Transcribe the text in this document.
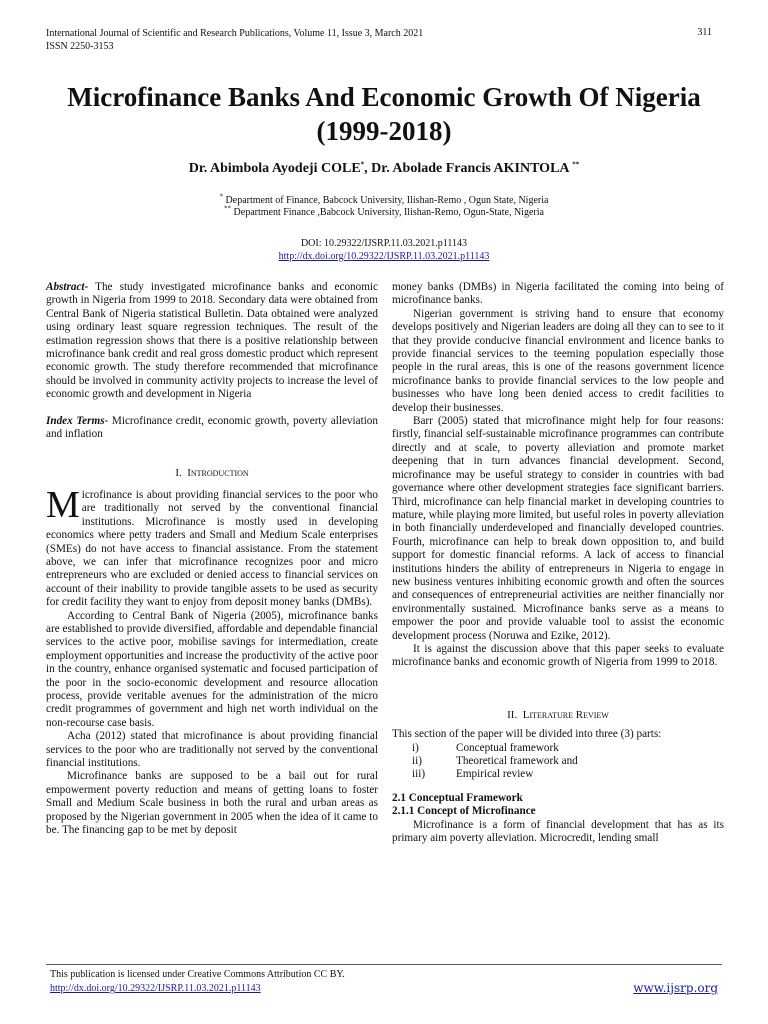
International Journal of Scientific and Research Publications, Volume 11, Issue 3, March 2021
ISSN 2250-3153
311
Microfinance Banks And Economic Growth Of Nigeria
(1999-2018)
Dr. Abimbola Ayodeji COLE*, Dr. Abolade Francis AKINTOLA **
* Department of Finance, Babcock University, Ilishan-Remo , Ogun State, Nigeria
** Department Finance ,Babcock University, Ilishan-Remo, Ogun-State, Nigeria
DOI: 10.29322/IJSRP.11.03.2021.p11143
http://dx.doi.org/10.29322/IJSRP.11.03.2021.p11143

Abstract- The study investigated microfinance banks and economic growth in Nigeria from 1999 to 2018. Secondary data were obtained from Central Bank of Nigeria statistical Bulletin. Data obtained were analyzed using ordinary least square regression techniques. The result of the estimation regression shows that there is a positive relationship between microfinance bank credit and real gross domestic product which represent economic growth. The study therefore recommended that microfinance should be involved in community activity projects to increase the level of economic growth and development in Nigeria

Index Terms- Microfinance credit, economic growth, poverty alleviation and inflation

I. Introduction

Microfinance is about providing financial services to the poor who are traditionally not served by the conventional financial institutions. Microfinance is mostly used in developing economics where petty traders and Small and Medium Scale enterprises (SMEs) do not have access to financial assistance. From the statement above, we can infer that microfinance recognizes poor and micro entrepreneurs who are excluded or denied access to financial services on account of their inability to provide tangible assets to be used as security for credit facility they want to enjoy from deposit money banks (DMBs).

According to Central Bank of Nigeria (2005), microfinance banks are established to provide diversified, affordable and dependable financial services to the active poor, mobilise savings for intermediation, create employment opportunities and increase the productivity of the active poor in the country, enhance organised systematic and focused participation of the poor in the socio-economic development and resource allocation process, provide veritable avenues for the administration of the micro credit programmes of government and high net worth individual on the non-recourse case basis.

Acha (2012) stated that microfinance is about providing financial services to the poor who are traditionally not served by the conventional financial institutions.

Microfinance banks are supposed to be a bail out for rural empowerment poverty reduction and means of getting loans to foster Small and Medium Scale business in both the rural and urban areas as proposed by the Nigerian government in 2005 when the idea of it came to be. The financing gap to be met by deposit

money banks (DMBs) in Nigeria facilitated the coming into being of microfinance banks.

Nigerian government is striving hand to ensure that economy develops positively and Nigerian leaders are doing all they can to see to it that they provide conducive financial environment and licence banks to provide financial services to the teeming population especially those people in the rural areas, this is one of the reasons government licence microfinance banks to provide financial services to the low people and businesses who have long been denied access to credit facilities to develop their businesses.

Barr (2005) stated that microfinance might help for four reasons: firstly, financial self-sustainable microfinance programmes can contribute directly and at scale, to poverty alleviation and promote market deepening that in turn advances financial development. Second, microfinance may be useful strategy to consider in countries with bad governance where other development strategies face significant barriers. Third, microfinance can help financial market in developing countries to mature, while playing more limited, but useful roles in poverty alleviation in both financially underdeveloped and financially developed countries. Fourth, microfinance can help to break down opposition to, and build support for domestic financial reforms. A lack of access to financial institutions hinders the ability of entrepreneurs in Nigeria to engage in new business ventures inhibiting economic growth and often the sources and consequences of entrepreneurial activities are neither financially nor environmentally sustained. Microfinance banks serve as a means to empower the poor and provide valuable tool to assist the economic development process (Noruwa and Ezike, 2012).

It is against the discussion above that this paper seeks to evaluate microfinance banks and economic growth of Nigeria from 1999 to 2018.

II. Literature Review

This section of the paper will be divided into three (3) parts:

i)	Conceptual framework
ii)	Theoretical framework and
iii)	Empirical review

2.1 Conceptual Framework

2.1.1 Concept of Microfinance

Microfinance is a form of financial development that has as its primary aim poverty alleviation. Microcredit, lending small

This publication is licensed under Creative Commons Attribution CC BY.
http://dx.doi.org/10.29322/IJSRP.11.03.2021.p11143	www.ijsrp.org
